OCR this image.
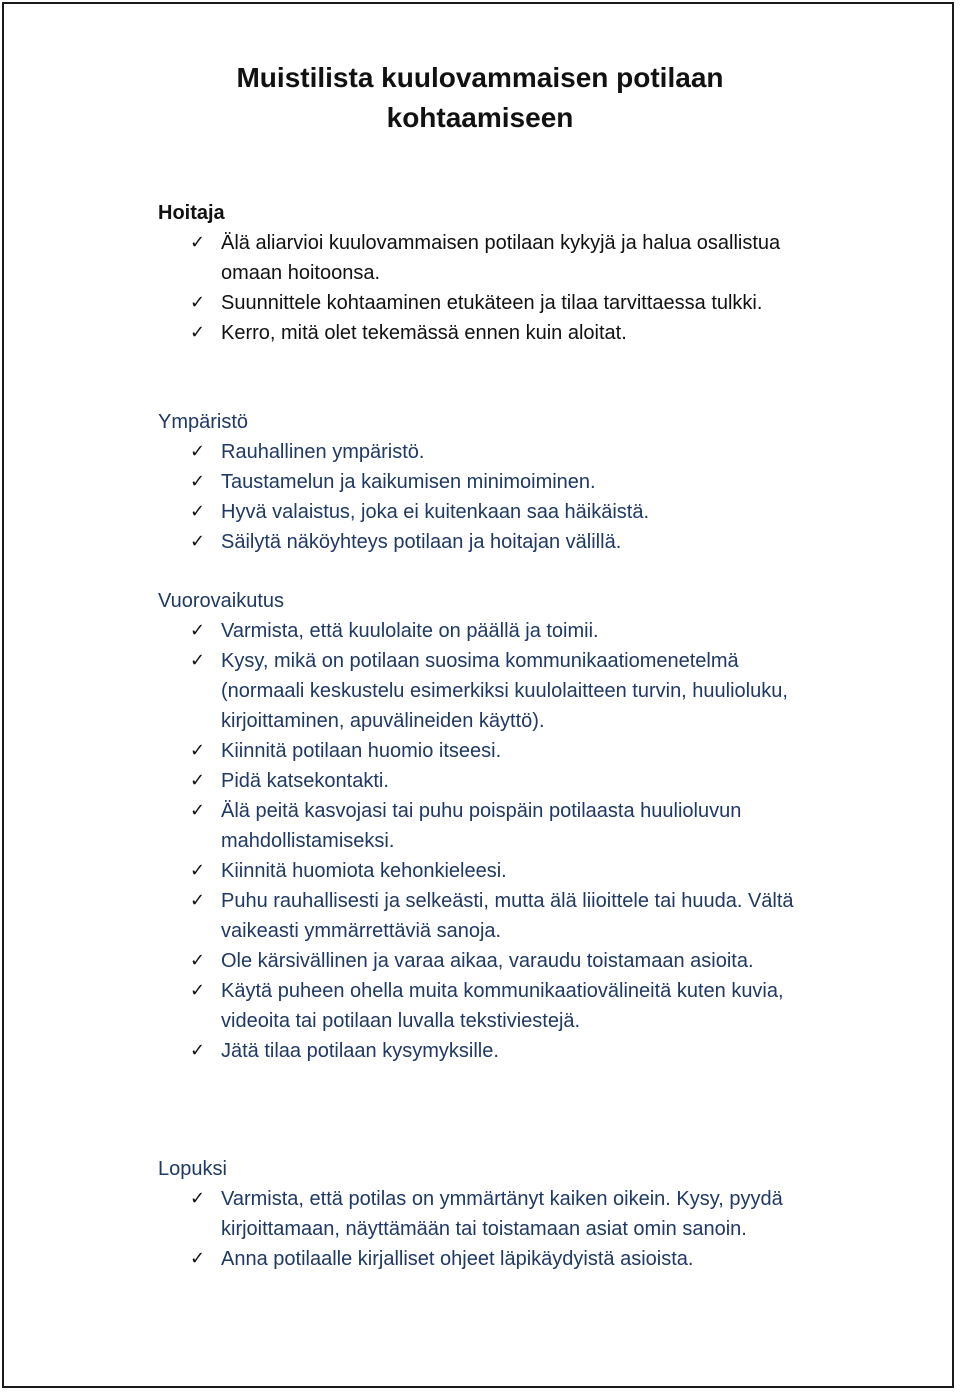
Muistilista kuulovammaisen potilaan
kohtaamiseen
Hoitaja
✓ Älä aliarvioi kuulovammaisen potilaan kykyjä ja halua osallistua omaan hoitoonsa.
✓ Suunnittele kohtaaminen etukäteen ja tilaa tarvittaessa tulkki.
✓ Kerro, mitä olet tekemässä ennen kuin aloitat.
Ympäristö
✓ Rauhallinen ympäristö.
✓ Taustamelun ja kaikumisen minimoiminen.
✓ Hyvä valaistus, joka ei kuitenkaan saa häikäistä.
✓ Säilytä näköyhteys potilaan ja hoitajan välillä.
Vuorovaikutus
✓ Varmista, että kuulolaite on päällä ja toimii.
✓ Kysy, mikä on potilaan suosima kommunikaatiomenetelmä (normaali keskustelu esimerkiksi kuulolaitteen turvin, huulioluku, kirjoittaminen, apuvälineiden käyttö).
✓ Kiinnitä potilaan huomio itseesi.
✓ Pidä katsekontakti.
✓ Älä peitä kasvojasi tai puhu poispäin potilaasta huulioluvun mahdollistamiseksi.
✓ Kiinnitä huomiota kehonkieleesi.
✓ Puhu rauhallisesti ja selkeästi, mutta älä liioittele tai huuda. Vältä vaikeasti ymmärrettäviä sanoja.
✓ Ole kärsivällinen ja varaa aikaa, varaudu toistamaan asioita.
✓ Käytä puheen ohella muita kommunikaatiovälineitä kuten kuvia, videoita tai potilaan luvalla tekstiviestejä.
✓ Jätä tilaa potilaan kysymyksille.
Lopuksi
✓ Varmista, että potilas on ymmärtänyt kaiken oikein. Kysy, pyydä kirjoittamaan, näyttämään tai toistamaan asiat omin sanoin.
✓ Anna potilaalle kirjalliset ohjeet läpikäydyistä asioista.
